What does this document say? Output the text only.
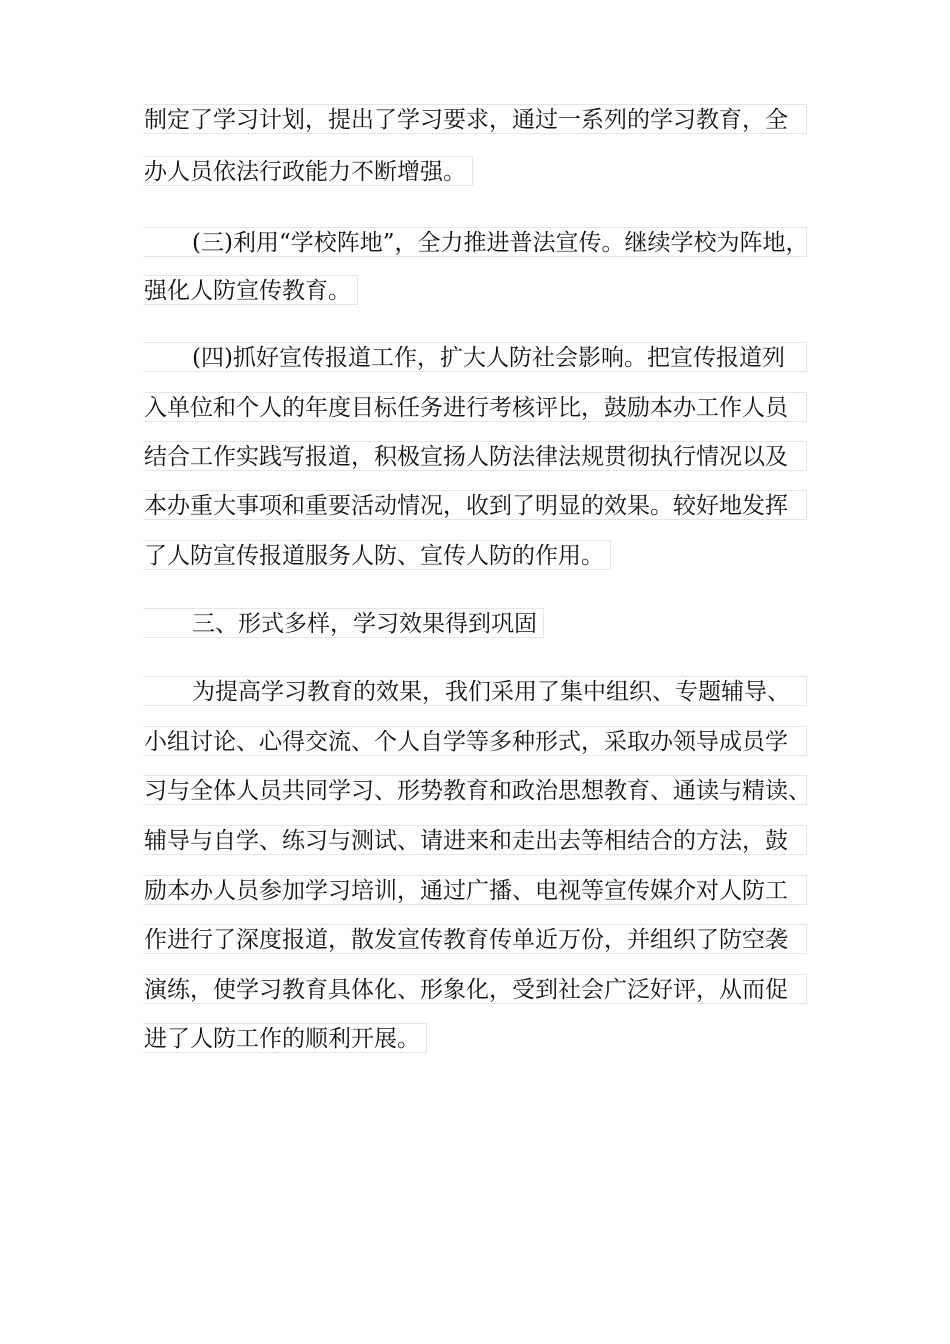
制定了学习计划，提出了学习要求，通过一系列的学习教育，全
办人员依法行政能力不断增强。
(三)利用“学校阵地”，全力推进普法宣传。继续学校为阵地，
强化人防宣传教育。
(四)抓好宣传报道工作，扩大人防社会影响。把宣传报道列
入单位和个人的年度目标任务进行考核评比，鼓励本办工作人员
结合工作实践写报道，积极宣扬人防法律法规贯彻执行情况以及
本办重大事项和重要活动情况，收到了明显的效果。较好地发挥
了人防宣传报道服务人防、宣传人防的作用。
三、形式多样，学习效果得到巩固
为提高学习教育的效果，我们采用了集中组织、专题辅导、
小组讨论、心得交流、个人自学等多种形式，采取办领导成员学
习与全体人员共同学习、形势教育和政治思想教育、通读与精读、
辅导与自学、练习与测试、请进来和走出去等相结合的方法，鼓
励本办人员参加学习培训，通过广播、电视等宣传媒介对人防工
作进行了深度报道，散发宣传教育传单近万份，并组织了防空袭
演练，使学习教育具体化、形象化，受到社会广泛好评，从而促
进了人防工作的顺利开展。
